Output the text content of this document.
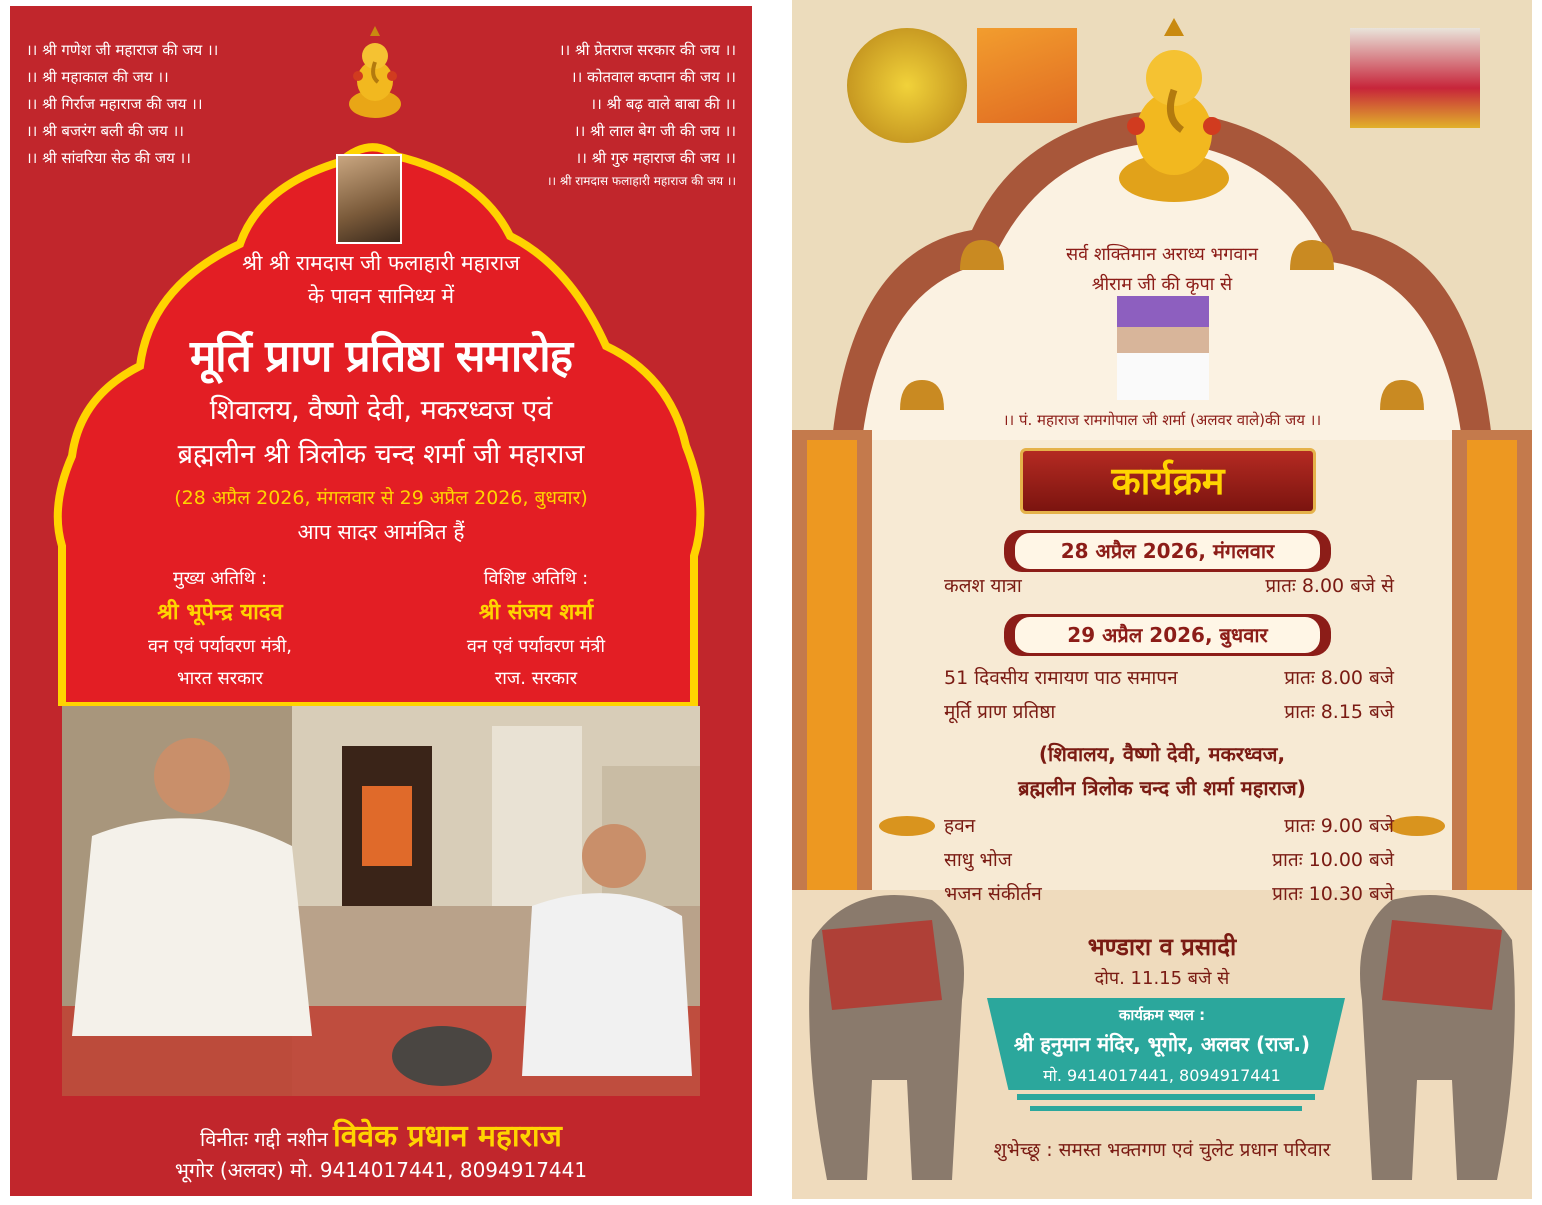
।। श्री गणेश जी महाराज की जय ।।
।। श्री महाकाल की जय ।।
।। श्री गिर्राज महाराज की जय ।।
।। श्री बजरंग बली की जय ।।
।। श्री सांवरिया सेठ की जय ।।
।। श्री प्रेतराज सरकार की जय ।।
।। कोतवाल कप्तान की जय ।।
।। श्री बढ़ वाले बाबा की ।।
।। श्री लाल बेग जी की जय ।।
।। श्री गुरु महाराज की जय ।।
।। श्री रामदास फलाहारी महाराज की जय ।।
श्री श्री रामदास जी फलाहारी महाराज
के पावन सानिध्य में
मूर्ति प्राण प्रतिष्ठा समारोह
शिवालय, वैष्णो देवी, मकरध्वज एवं
ब्रह्मलीन श्री त्रिलोक चन्द शर्मा जी महाराज
(28 अप्रैल 2026, मंगलवार से 29 अप्रैल 2026, बुधवार)
आप सादर आमंत्रित हैं
मुख्य अतिथि :
श्री भूपेन्द्र यादव
वन एवं पर्यावरण मंत्री,
भारत सरकार
विशिष्ट अतिथि :
श्री संजय शर्मा
वन एवं पर्यावरण मंत्री
राज. सरकार
विनीतः गद्दी नशीन विवेक प्रधान महाराज
भूगोर (अलवर) मो. 9414017441, 8094917441
सर्व शक्तिमान अराध्य भगवान
श्रीराम जी की कृपा से
।। पं. महाराज रामगोपाल जी शर्मा (अलवर वाले)की जय ।।
कार्यक्रम
28 अप्रैल 2026, मंगलवार
कलश यात्रा	प्रातः 8.00 बजे से
29 अप्रैल 2026, बुधवार
51 दिवसीय रामायण पाठ समापन	प्रातः 8.00 बजे
मूर्ति प्राण प्रतिष्ठा	प्रातः 8.15 बजे
(शिवालय, वैष्णो देवी, मकरध्वज,
ब्रह्मलीन त्रिलोक चन्द जी शर्मा महाराज)
हवन	प्रातः 9.00 बजे
साधु भोज	प्रातः 10.00 बजे
भजन संकीर्तन	प्रातः 10.30 बजे
भण्डारा व प्रसादी
दोप. 11.15 बजे से
कार्यक्रम स्थल :
श्री हनुमान मंदिर, भूगोर, अलवर (राज.)
मो. 9414017441, 8094917441
शुभेच्छू : समस्त भक्तगण एवं चुलेट प्रधान परिवार
